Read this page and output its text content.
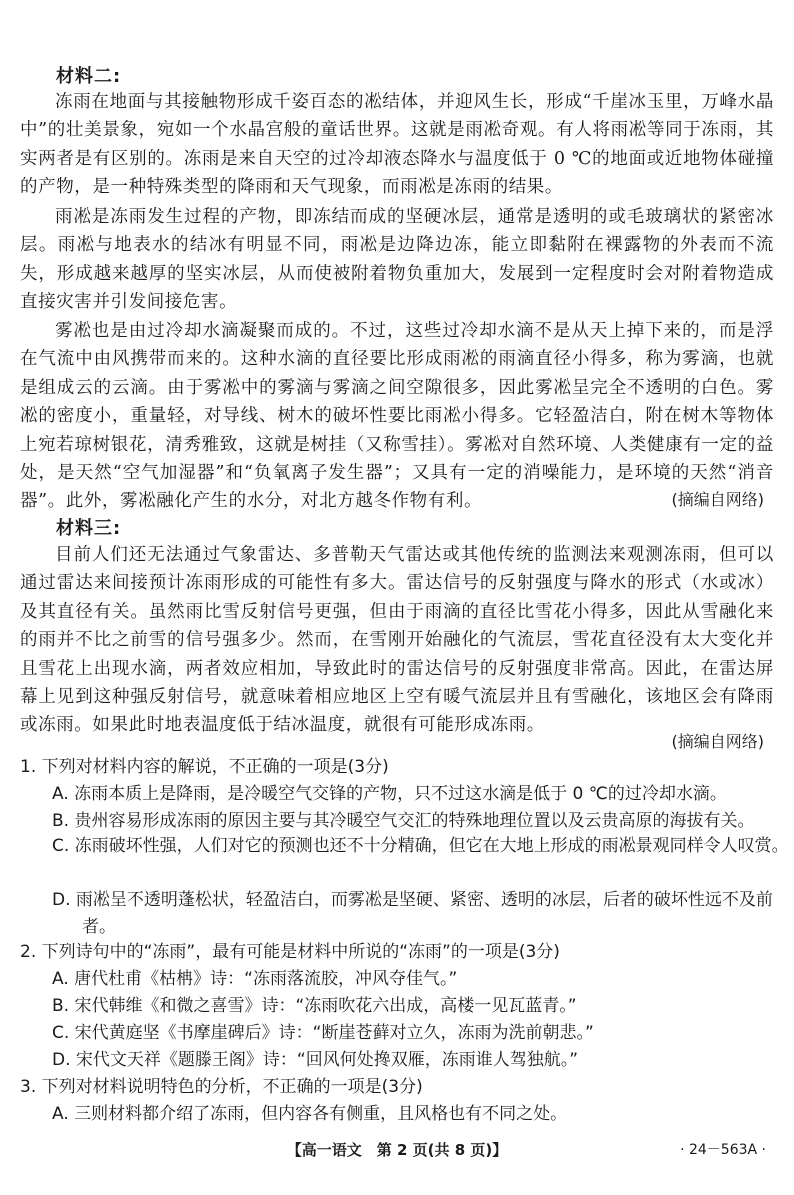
材料二:

冻雨在地面与其接触物形成千姿百态的凇结体，并迎风生长，形成“千崖冰玉里，万峰水晶中”的壮美景象，宛如一个水晶宫般的童话世界。这就是雨凇奇观。有人将雨凇等同于冻雨，其实两者是有区别的。冻雨是来自天空的过冷却液态降水与温度低于 0 ℃的地面或近地物体碰撞的产物，是一种特殊类型的降雨和天气现象，而雨凇是冻雨的结果。

雨凇是冻雨发生过程的产物，即冻结而成的坚硬冰层，通常是透明的或毛玻璃状的紧密冰层。雨凇与地表水的结冰有明显不同，雨凇是边降边冻，能立即黏附在裸露物的外表而不流失，形成越来越厚的坚实冰层，从而使被附着物负重加大，发展到一定程度时会对附着物造成直接灾害并引发间接危害。

雾凇也是由过冷却水滴凝聚而成的。不过，这些过冷却水滴不是从天上掉下来的，而是浮在气流中由风携带而来的。这种水滴的直径要比形成雨凇的雨滴直径小得多，称为雾滴，也就是组成云的云滴。由于雾凇中的雾滴与雾滴之间空隙很多，因此雾凇呈完全不透明的白色。雾凇的密度小，重量轻，对导线、树木的破坏性要比雨凇小得多。它轻盈洁白，附在树木等物体上宛若琼树银花，清秀雅致，这就是树挂（又称雪挂）。雾凇对自然环境、人类健康有一定的益处，是天然“空气加湿器”和“负氧离子发生器”；又具有一定的消噪能力，是环境的天然“消音器”。此外，雾凇融化产生的水分，对北方越冬作物有利。	(摘编自网络)
材料三:

目前人们还无法通过气象雷达、多普勒天气雷达或其他传统的监测法来观测冻雨，但可以通过雷达来间接预计冻雨形成的可能性有多大。雷达信号的反射强度与降水的形式（水或冰）及其直径有关。虽然雨比雪反射信号更强，但由于雨滴的直径比雪花小得多，因此从雪融化来的雨并不比之前雪的信号强多少。然而，在雪刚开始融化的气流层，雪花直径没有太大变化并且雪花上出现水滴，两者效应相加，导致此时的雷达信号的反射强度非常高。因此，在雷达屏幕上见到这种强反射信号，就意味着相应地区上空有暖气流层并且有雪融化，该地区会有降雨或冻雨。如果此时地表温度低于结冰温度，就很有可能形成冻雨。

(摘编自网络)

1. 下列对材料内容的解说，不正确的一项是(3分)

A. 冻雨本质上是降雨，是冷暖空气交锋的产物，只不过这水滴是低于 0 ℃的过冷却水滴。

B. 贵州容易形成冻雨的原因主要与其冷暖空气交汇的特殊地理位置以及云贵高原的海拔有关。

C. 冻雨破坏性强，人们对它的预测也还不十分精确，但它在大地上形成的雨凇景观同样令人叹赏。

D. 雨凇呈不透明蓬松状，轻盈洁白，而雾凇是坚硬、紧密、透明的冰层，后者的破坏性远不及前者。

2. 下列诗句中的“冻雨”，最有可能是材料中所说的“冻雨”的一项是(3分)

A. 唐代杜甫《枯柟》诗：“冻雨落流胶，冲风夺佳气。”

B. 宋代韩维《和微之喜雪》诗：“冻雨吹花六出成，高楼一见瓦蓝青。”

C. 宋代黄庭坚《书摩崖碑后》诗：“断崖苍藓对立久，冻雨为洗前朝悲。”

D. 宋代文天祥《题滕王阁》诗：“回风何处搀双雁，冻雨谁人驾独航。”

3. 下列对材料说明特色的分析，不正确的一项是(3分)

A. 三则材料都介绍了冻雨，但内容各有侧重，且风格也有不同之处。

【高一语文　第 2 页(共 8 页)】	· 24－563A ·
